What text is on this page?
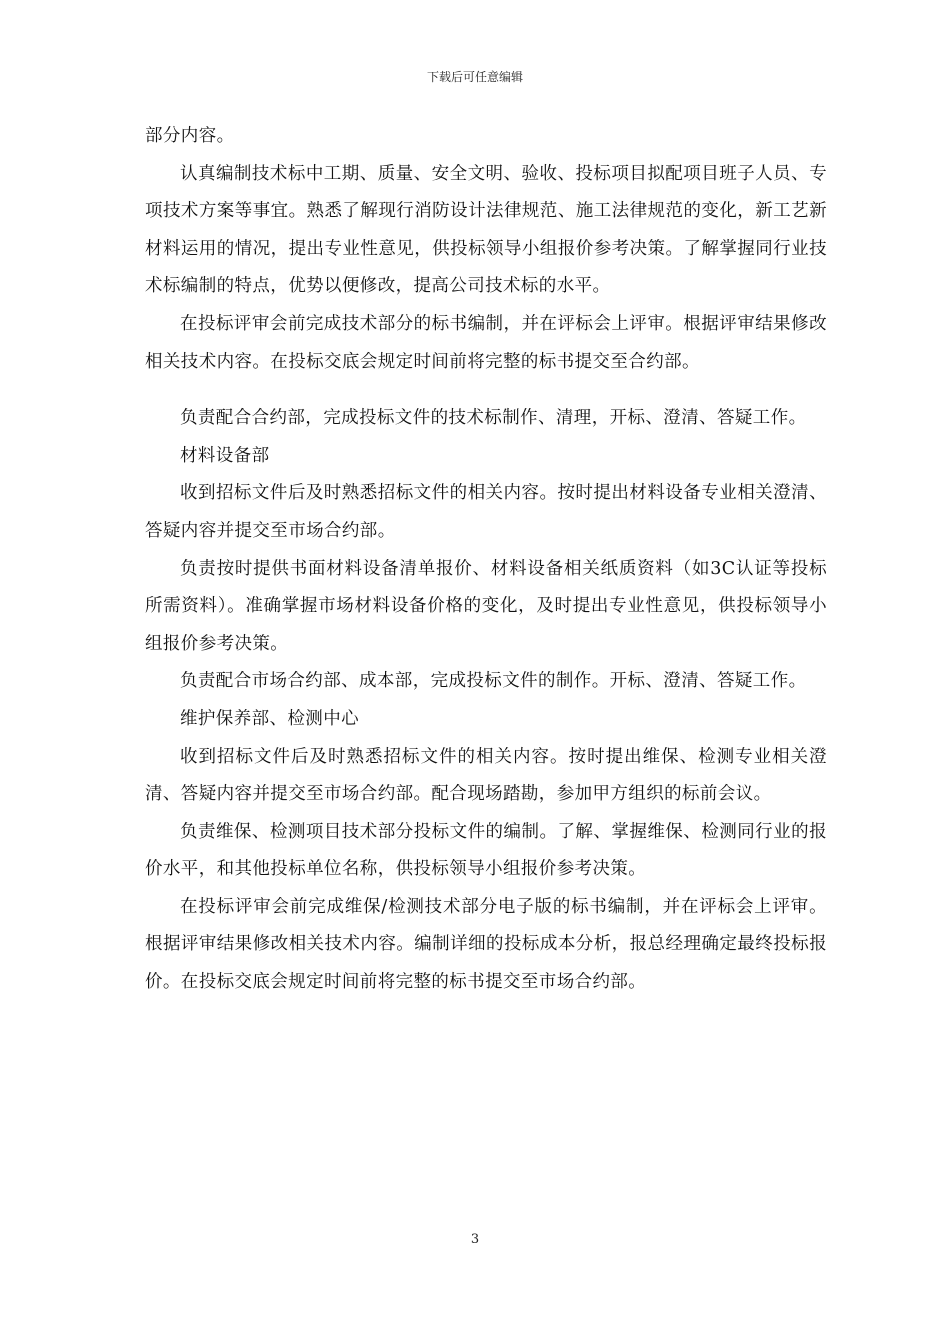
下载后可任意编辑

部分内容。

认真编制技术标中工期、质量、安全文明、验收、投标项目拟配项目班子人员、专项技术方案等事宜。熟悉了解现行消防设计法律规范、施工法律规范的变化，新工艺新材料运用的情况，提出专业性意见，供投标领导小组报价参考决策。了解掌握同行业技术标编制的特点，优势以便修改，提高公司技术标的水平。

在投标评审会前完成技术部分的标书编制，并在评标会上评审。根据评审结果修改相关技术内容。在投标交底会规定时间前将完整的标书提交至合约部。

负责配合合约部，完成投标文件的技术标制作、清理，开标、澄清、答疑工作。

材料设备部

收到招标文件后及时熟悉招标文件的相关内容。按时提出材料设备专业相关澄清、答疑内容并提交至市场合约部。

负责按时提供书面材料设备清单报价、材料设备相关纸质资料（如3C认证等投标所需资料）。准确掌握市场材料设备价格的变化，及时提出专业性意见，供投标领导小组报价参考决策。

负责配合市场合约部、成本部，完成投标文件的制作。开标、澄清、答疑工作。

维护保养部、检测中心

收到招标文件后及时熟悉招标文件的相关内容。按时提出维保、检测专业相关澄清、答疑内容并提交至市场合约部。配合现场踏勘，参加甲方组织的标前会议。

负责维保、检测项目技术部分投标文件的编制。了解、掌握维保、检测同行业的报价水平，和其他投标单位名称，供投标领导小组报价参考决策。

在投标评审会前完成维保/检测技术部分电子版的标书编制，并在评标会上评审。根据评审结果修改相关技术内容。编制详细的投标成本分析，报总经理确定最终投标报价。在投标交底会规定时间前将完整的标书提交至市场合约部。

3
